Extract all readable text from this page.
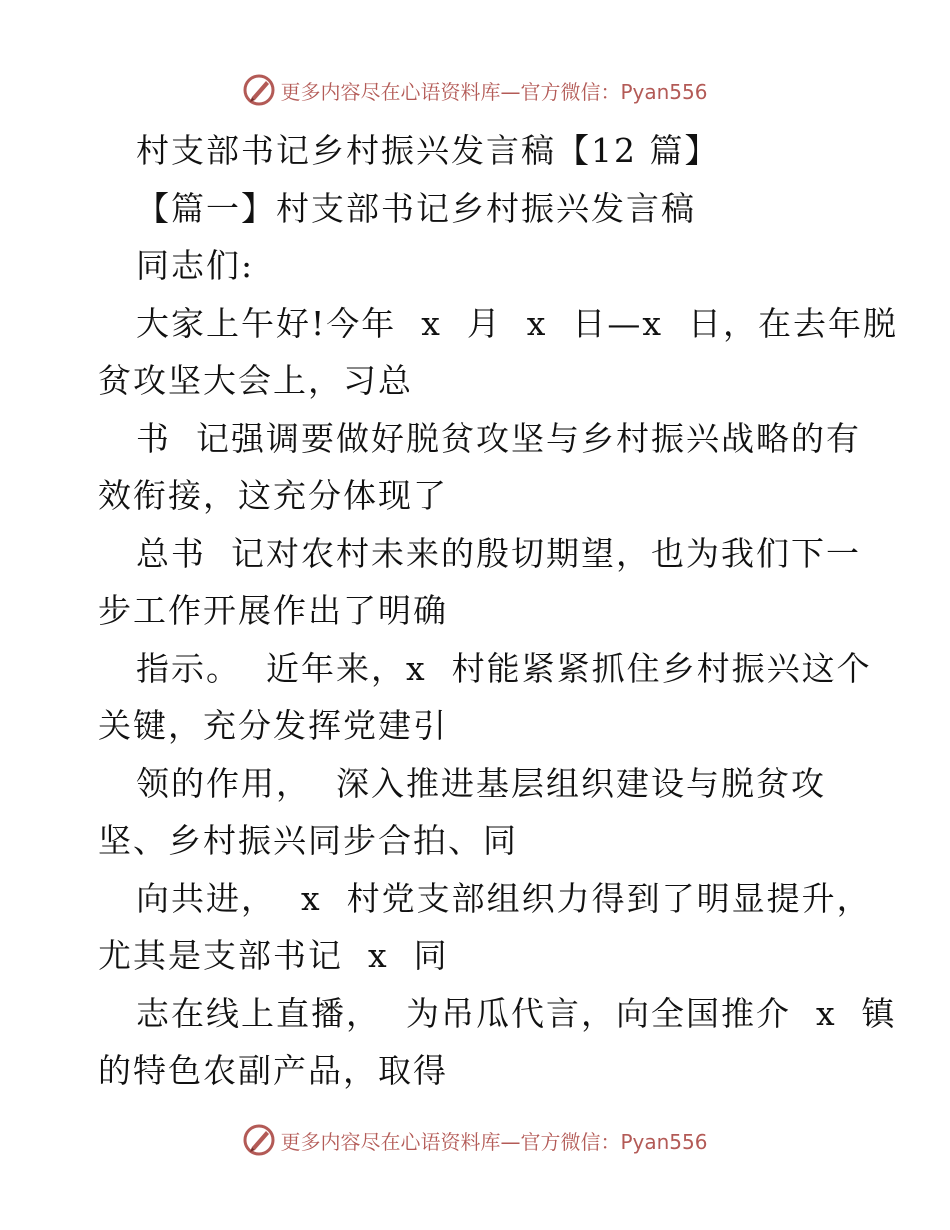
更多内容尽在心语资料库—官方微信：Pyan556
村支部书记乡村振兴发言稿【12 篇】
【篇一】村支部书记乡村振兴发言稿
同志们:
大家上午好!今年  x  月  x  日—x  日，在去年脱
贫攻坚大会上，习总
书  记强调要做好脱贫攻坚与乡村振兴战略的有
效衔接，这充分体现了
总书  记对农村未来的殷切期望，也为我们下一
步工作开展作出了明确
指示。  近年来，x  村能紧紧抓住乡村振兴这个
关键，充分发挥党建引
领的作用，  深入推进基层组织建设与脱贫攻
坚、乡村振兴同步合拍、同
向共进，  x  村党支部组织力得到了明显提升，
尤其是支部书记  x  同
志在线上直播，  为吊瓜代言，向全国推介  x  镇
的特色农副产品，取得
更多内容尽在心语资料库—官方微信：Pyan556
